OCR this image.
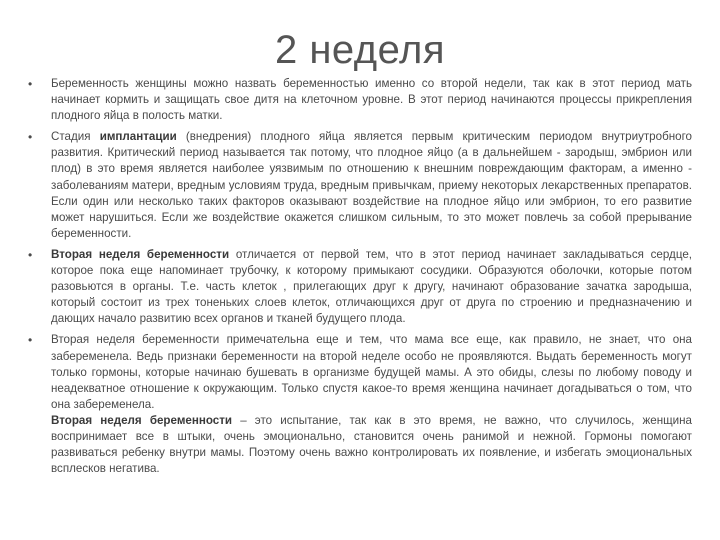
2 неделя
• Беременность женщины можно назвать беременностью именно со второй недели, так как в этот период мать начинает кормить и защищать свое дитя на клеточном уровне. В этот период начинаются процессы прикрепления плодного яйца в полость матки.
• Стадия имплантации (внедрения) плодного яйца является первым критическим периодом внутриутробного развития. Критический период называется так потому, что плодное яйцо (а в дальнейшем - зародыш, эмбрион или плод) в это время является наиболее уязвимым по отношению к внешним повреждающим факторам, а именно - заболеваниям матери, вредным условиям труда, вредным привычкам, приему некоторых лекарственных препаратов. Если один или несколько таких факторов оказывают воздействие на плодное яйцо или эмбрион, то его развитие может нарушиться. Если же воздействие окажется слишком сильным, то это может повлечь за собой прерывание беременности.
• Вторая неделя беременности отличается от первой тем, что в этот период начинает закладываться сердце, которое пока еще напоминает трубочку, к которому примыкают сосудики. Образуются оболочки, которые потом разовьются в органы. Т.е. часть клеток , прилегающих друг к другу, начинают образование зачатка зародыша, который состоит из трех тоненьких слоев клеток, отличающихся друг от друга по строению и предназначению и дающих начало развитию всех органов и тканей будущего плода.
• Вторая неделя беременности примечательна еще и тем, что мама все еще, как правило, не знает, что она забеременела. Ведь признаки беременности на второй неделе особо не проявляются. Выдать беременность могут только гормоны, которые начинаю бушевать в организме будущей мамы. А это обиды, слезы по любому поводу и неадекватное отношение к окружающим. Только спустя какое-то время женщина начинает догадываться о том, что она забеременела.
Вторая неделя беременности – это испытание, так как в это время, не важно, что случилось, женщина воспринимает все в штыки, очень эмоционально, становится очень ранимой и нежной. Гормоны помогают развиваться ребенку внутри мамы. Поэтому очень важно контролировать их появление, и избегать эмоциональных всплесков негатива.
